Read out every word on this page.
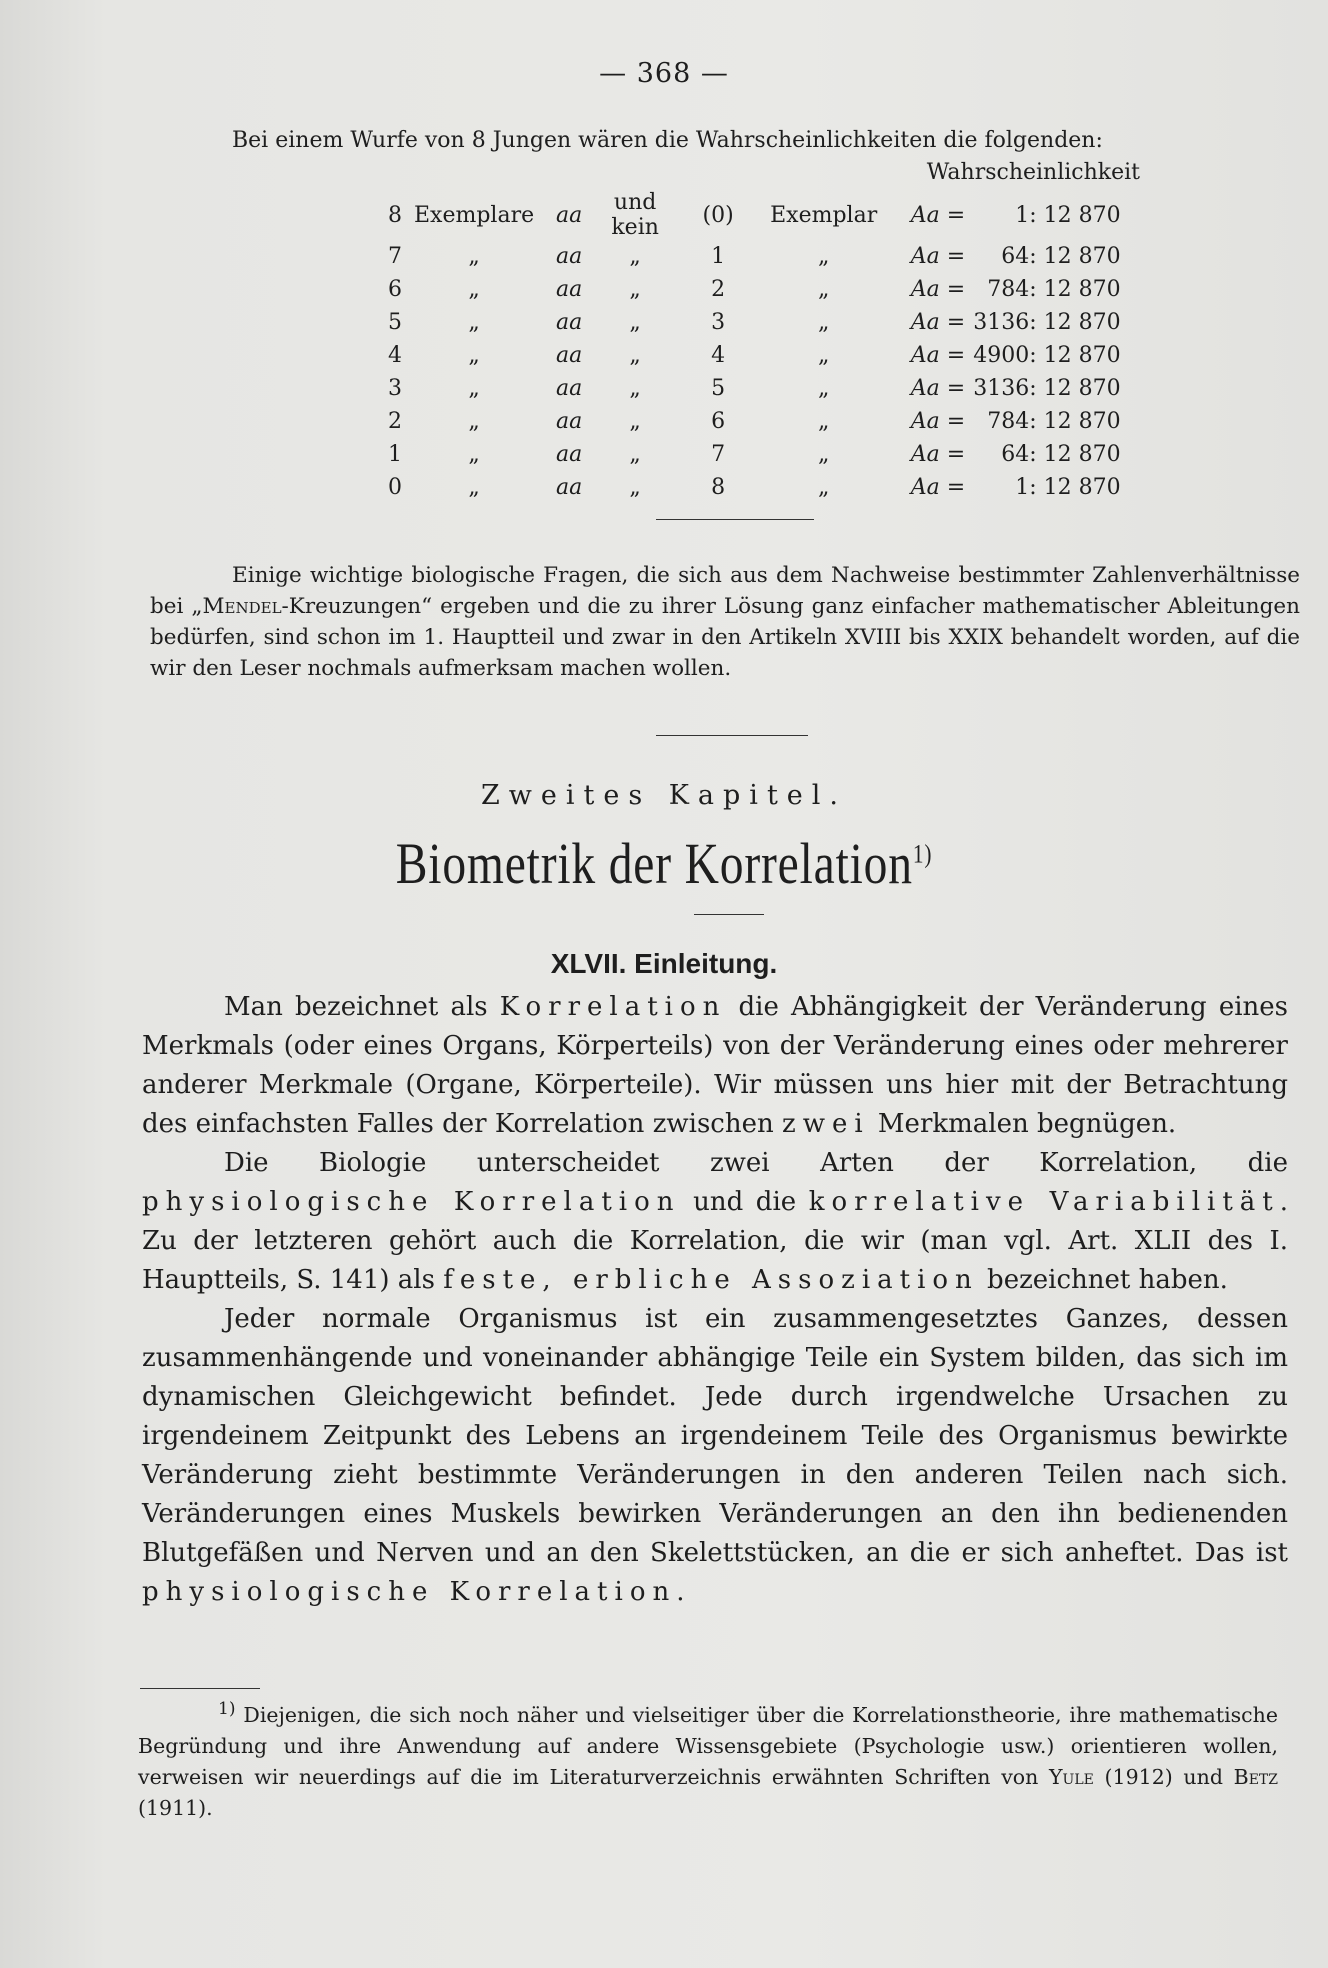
— 368 —
Bei einem Wurfe von 8 Jungen wären die Wahrscheinlichkeiten die folgenden:
Wahrscheinlichkeit
8	Exemplare	aa	und kein	(0)	Exemplar	Aa =	1	: 12 870
7	„	aa	„	1	„	Aa =	64	: 12 870
6	„	aa	„	2	„	Aa =	784	: 12 870
5	„	aa	„	3	„	Aa =	3136	: 12 870
4	„	aa	„	4	„	Aa =	4900	: 12 870
3	„	aa	„	5	„	Aa =	3136	: 12 870
2	„	aa	„	6	„	Aa =	784	: 12 870
1	„	aa	„	7	„	Aa =	64	: 12 870
0	„	aa	„	8	„	Aa =	1	: 12 870

Einige wichtige biologische Fragen, die sich aus dem Nachweise bestimmter Zahlenverhältnisse bei „Mendel-Kreuzungen“ ergeben und die zu ihrer Lösung ganz einfacher mathematischer Ableitungen bedürfen, sind schon im 1. Hauptteil und zwar in den Artikeln XVIII bis XXIX behandelt worden, auf die wir den Leser nochmals aufmerksam machen wollen.

Zweites Kapitel.
Biometrik der Korrelation$^{1)}$
XLVII. Einleitung.

Man bezeichnet als Korrelation die Abhängigkeit der Veränderung eines Merkmals (oder eines Organs, Körperteils) von der Veränderung eines oder mehrerer anderer Merkmale (Organe, Körperteile). Wir müssen uns hier mit der Betrachtung des einfachsten Falles der Korrelation zwischen zwei Merkmalen begnügen.

Die Biologie unterscheidet zwei Arten der Korrelation, die physiologische Korrelation und die korrelative Variabilität. Zu der letzteren gehört auch die Korrelation, die wir (man vgl. Art. XLII des I. Hauptteils, S. 141) als feste, erbliche Assoziation bezeichnet haben.

Jeder normale Organismus ist ein zusammengesetztes Ganzes, dessen zusammenhängende und voneinander abhängige Teile ein System bilden, das sich im dynamischen Gleichgewicht befindet. Jede durch irgendwelche Ursachen zu irgendeinem Zeitpunkt des Lebens an irgendeinem Teile des Organismus bewirkte Veränderung zieht bestimmte Veränderungen in den anderen Teilen nach sich. Veränderungen eines Muskels bewirken Veränderungen an den ihn bedienenden Blutgefäßen und Nerven und an den Skelettstücken, an die er sich anheftet. Das ist physiologische Korrelation.

$^{1)}$ Diejenigen, die sich noch näher und vielseitiger über die Korrelationstheorie, ihre mathematische Begründung und ihre Anwendung auf andere Wissensgebiete (Psychologie usw.) orientieren wollen, verweisen wir neuerdings auf die im Literaturverzeichnis erwähnten Schriften von Yule (1912) und Betz (1911).
